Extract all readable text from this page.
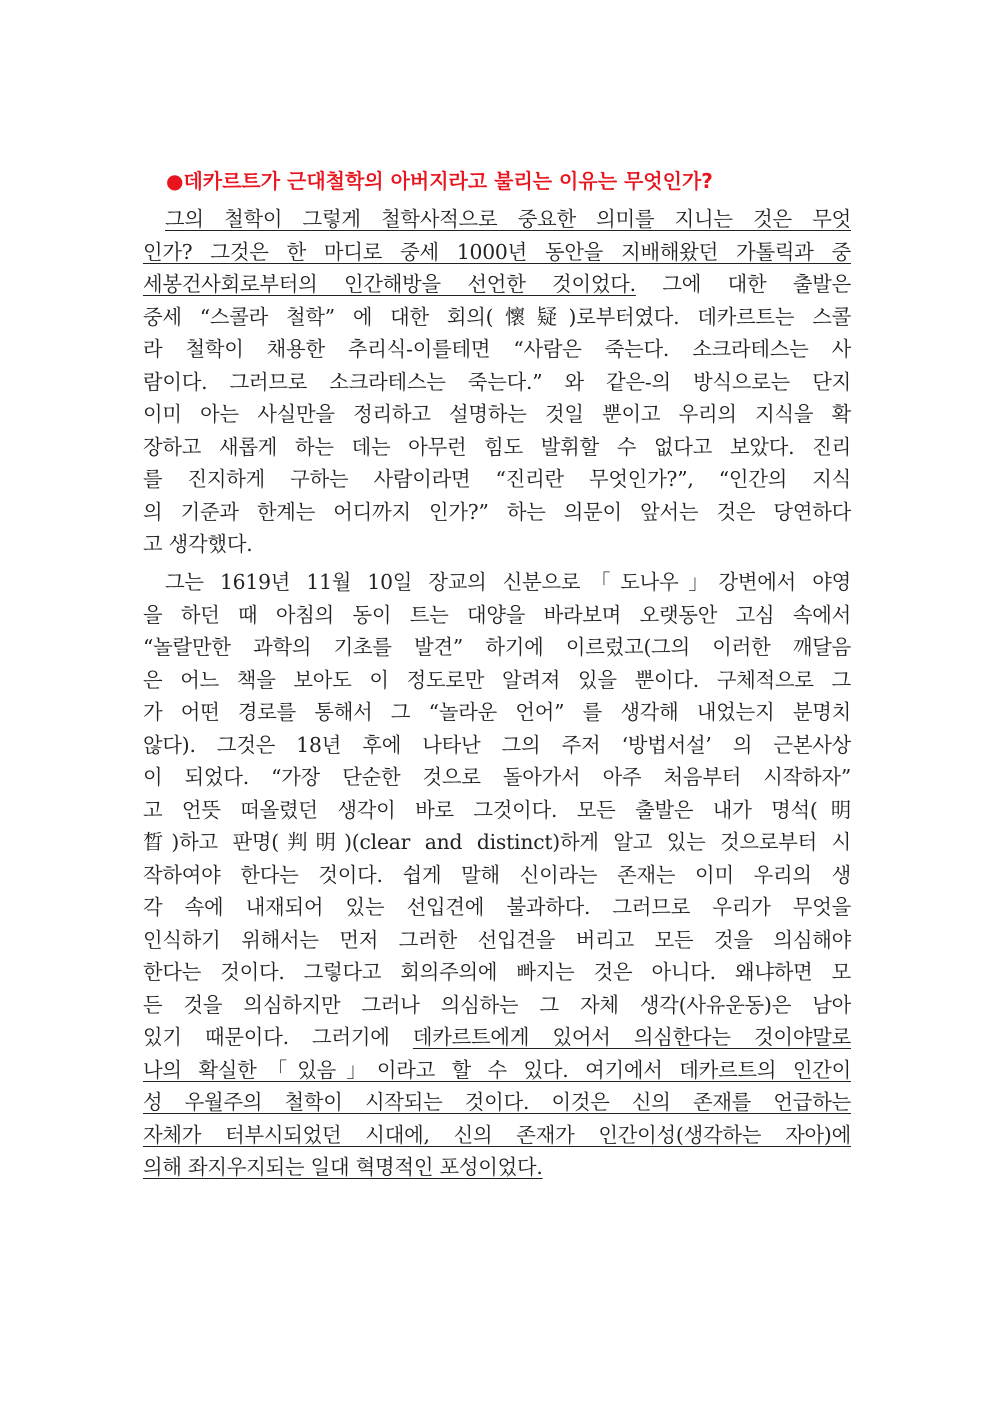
●데카르트가 근대철학의 아버지라고 불리는 이유는 무엇인가?
그의 철학이 그렇게 철학사적으로 중요한 의미를 지니는 것은 무엇
인가? 그것은 한 마디로 중세 1000년 동안을 지배해왔던 가톨릭과 중
세봉건사회로부터의 인간해방을 선언한 것이었다. 그에 대한 출발은
중세 “스콜라 철학” 에 대한 회의(懷疑)로부터였다. 데카르트는 스콜
라 철학이 채용한 추리식-이를테면 “사람은 죽는다. 소크라테스는 사
람이다. 그러므로 소크라테스는 죽는다.” 와 같은-의 방식으로는 단지
이미 아는 사실만을 정리하고 설명하는 것일 뿐이고 우리의 지식을 확
장하고 새롭게 하는 데는 아무런 힘도 발휘할 수 없다고 보았다. 진리
를 진지하게 구하는 사람이라면 “진리란 무엇인가?”, “인간의 지식
의 기준과 한계는 어디까지 인가?” 하는 의문이 앞서는 것은 당연하다
고 생각했다.
그는 1619년 11월 10일 장교의 신분으로「도나우」강변에서 야영
을 하던 때 아침의 동이 트는 대양을 바라보며 오랫동안 고심 속에서
“놀랄만한 과학의 기초를 발견” 하기에 이르렀고(그의 이러한 깨달음
은 어느 책을 보아도 이 정도로만 알려져 있을 뿐이다. 구체적으로 그
가 어떤 경로를 통해서 그 “놀라운 언어” 를 생각해 내었는지 분명치
않다). 그것은 18년 후에 나타난 그의 주저 ‘방법서설’ 의 근본사상
이 되었다. “가장 단순한 것으로 돌아가서 아주 처음부터 시작하자”
고 언뜻 떠올렸던 생각이 바로 그것이다. 모든 출발은 내가 명석(明
晳)하고 판명(判明)(clear and distinct)하게 알고 있는 것으로부터 시
작하여야 한다는 것이다. 쉽게 말해 신이라는 존재는 이미 우리의 생
각 속에 내재되어 있는 선입견에 불과하다. 그러므로 우리가 무엇을
인식하기 위해서는 먼저 그러한 선입견을 버리고 모든 것을 의심해야
한다는 것이다. 그렇다고 회의주의에 빠지는 것은 아니다. 왜냐하면 모
든 것을 의심하지만 그러나 의심하는 그 자체 생각(사유운동)은 남아
있기 때문이다. 그러기에 데카르트에게 있어서 의심한다는 것이야말로
나의 확실한「있음」이라고 할 수 있다. 여기에서 데카르트의 인간이
성 우월주의 철학이 시작되는 것이다. 이것은 신의 존재를 언급하는
자체가 터부시되었던 시대에, 신의 존재가 인간이성(생각하는 자아)에
의해 좌지우지되는 일대 혁명적인 포성이었다.
